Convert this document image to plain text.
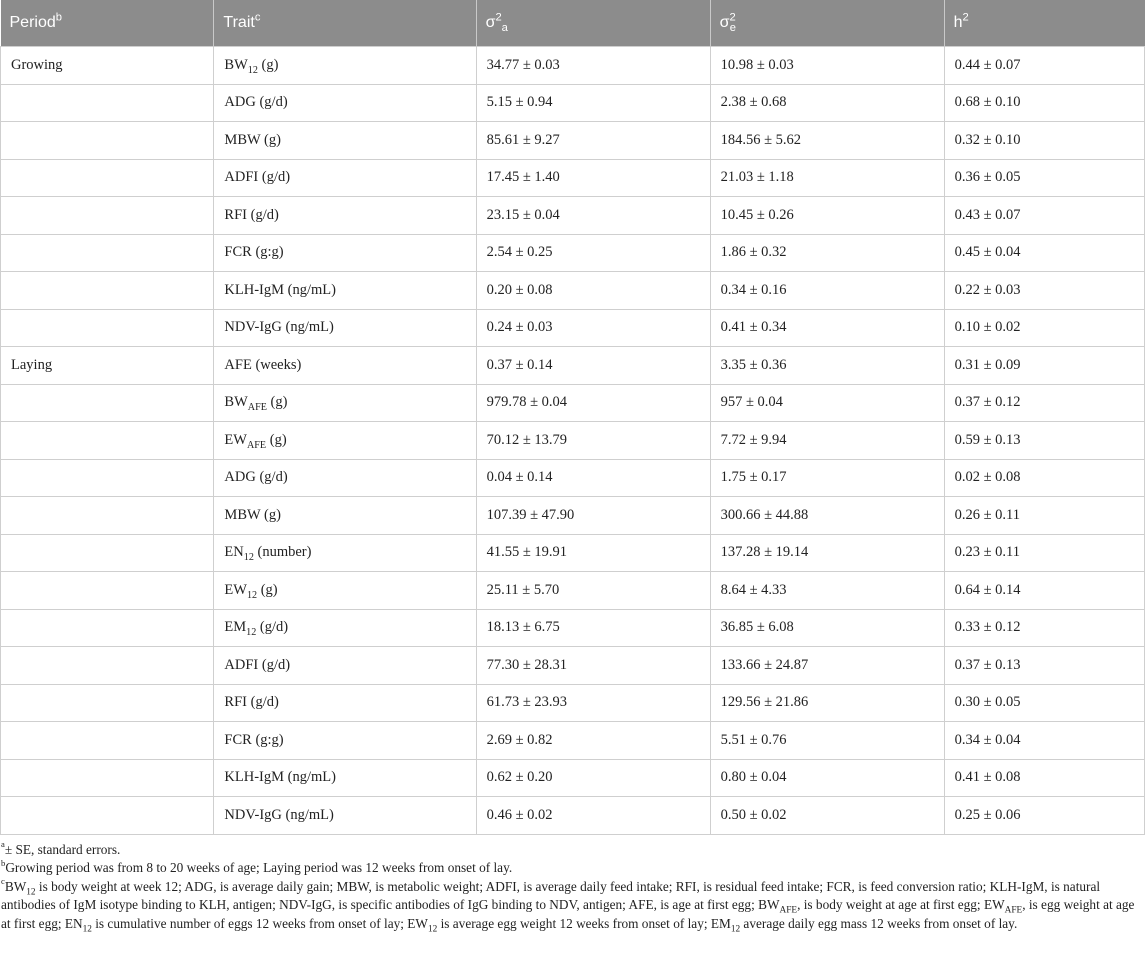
Period$^b$	Trait$^c$	$\sigma^2_a$	$\sigma^2_e$	$h^2$
Growing	$BW_{12}$ (g)	34.77 ± 0.03	10.98 ± 0.03	0.44 ± 0.07
	ADG (g/d)	5.15 ± 0.94	2.38 ± 0.68	0.68 ± 0.10
	MBW (g)	85.61 ± 9.27	184.56 ± 5.62	0.32 ± 0.10
	ADFI (g/d)	17.45 ± 1.40	21.03 ± 1.18	0.36 ± 0.05
	RFI (g/d)	23.15 ± 0.04	10.45 ± 0.26	0.43 ± 0.07
	FCR (g:g)	2.54 ± 0.25	1.86 ± 0.32	0.45 ± 0.04
	KLH-IgM (ng/mL)	0.20 ± 0.08	0.34 ± 0.16	0.22 ± 0.03
	NDV-IgG (ng/mL)	0.24 ± 0.03	0.41 ± 0.34	0.10 ± 0.02
Laying	AFE (weeks)	0.37 ± 0.14	3.35 ± 0.36	0.31 ± 0.09
	$BW_{AFE}$ (g)	979.78 ± 0.04	957 ± 0.04	0.37 ± 0.12
	$EW_{AFE}$ (g)	70.12 ± 13.79	7.72 ± 9.94	0.59 ± 0.13
	ADG (g/d)	0.04 ± 0.14	1.75 ± 0.17	0.02 ± 0.08
	MBW (g)	107.39 ± 47.90	300.66 ± 44.88	0.26 ± 0.11
	$EN_{12}$ (number)	41.55 ± 19.91	137.28 ± 19.14	0.23 ± 0.11
	$EW_{12}$ (g)	25.11 ± 5.70	8.64 ± 4.33	0.64 ± 0.14
	$EM_{12}$ (g/d)	18.13 ± 6.75	36.85 ± 6.08	0.33 ± 0.12
	ADFI (g/d)	77.30 ± 28.31	133.66 ± 24.87	0.37 ± 0.13
	RFI (g/d)	61.73 ± 23.93	129.56 ± 21.86	0.30 ± 0.05
	FCR (g:g)	2.69 ± 0.82	5.51 ± 0.76	0.34 ± 0.04
	KLH-IgM (ng/mL)	0.62 ± 0.20	0.80 ± 0.04	0.41 ± 0.08
	NDV-IgG (ng/mL)	0.46 ± 0.02	0.50 ± 0.02	0.25 ± 0.06

$^a$± SE, standard errors.

$^b$Growing period was from 8 to 20 weeks of age; Laying period was 12 weeks from onset of lay.

$^cBW_{12}$ is body weight at week 12; ADG, is average daily gain; MBW, is metabolic weight; ADFI, is average daily feed intake; RFI, is residual feed intake; FCR, is feed conversion ratio; KLH-IgM, is natural antibodies of IgM isotype binding to KLH, antigen; NDV-IgG, is specific antibodies of IgG binding to NDV, antigen; AFE, is age at first egg; $BW_{AFE}$, is body weight at age at first egg; $EW_{AFE}$, is egg weight at age at first egg; $EN_{12}$ is cumulative number of eggs 12 weeks from onset of lay; $EW_{12}$ is average egg weight 12 weeks from onset of lay; $EM_{12}$ average daily egg mass 12 weeks from onset of lay.
